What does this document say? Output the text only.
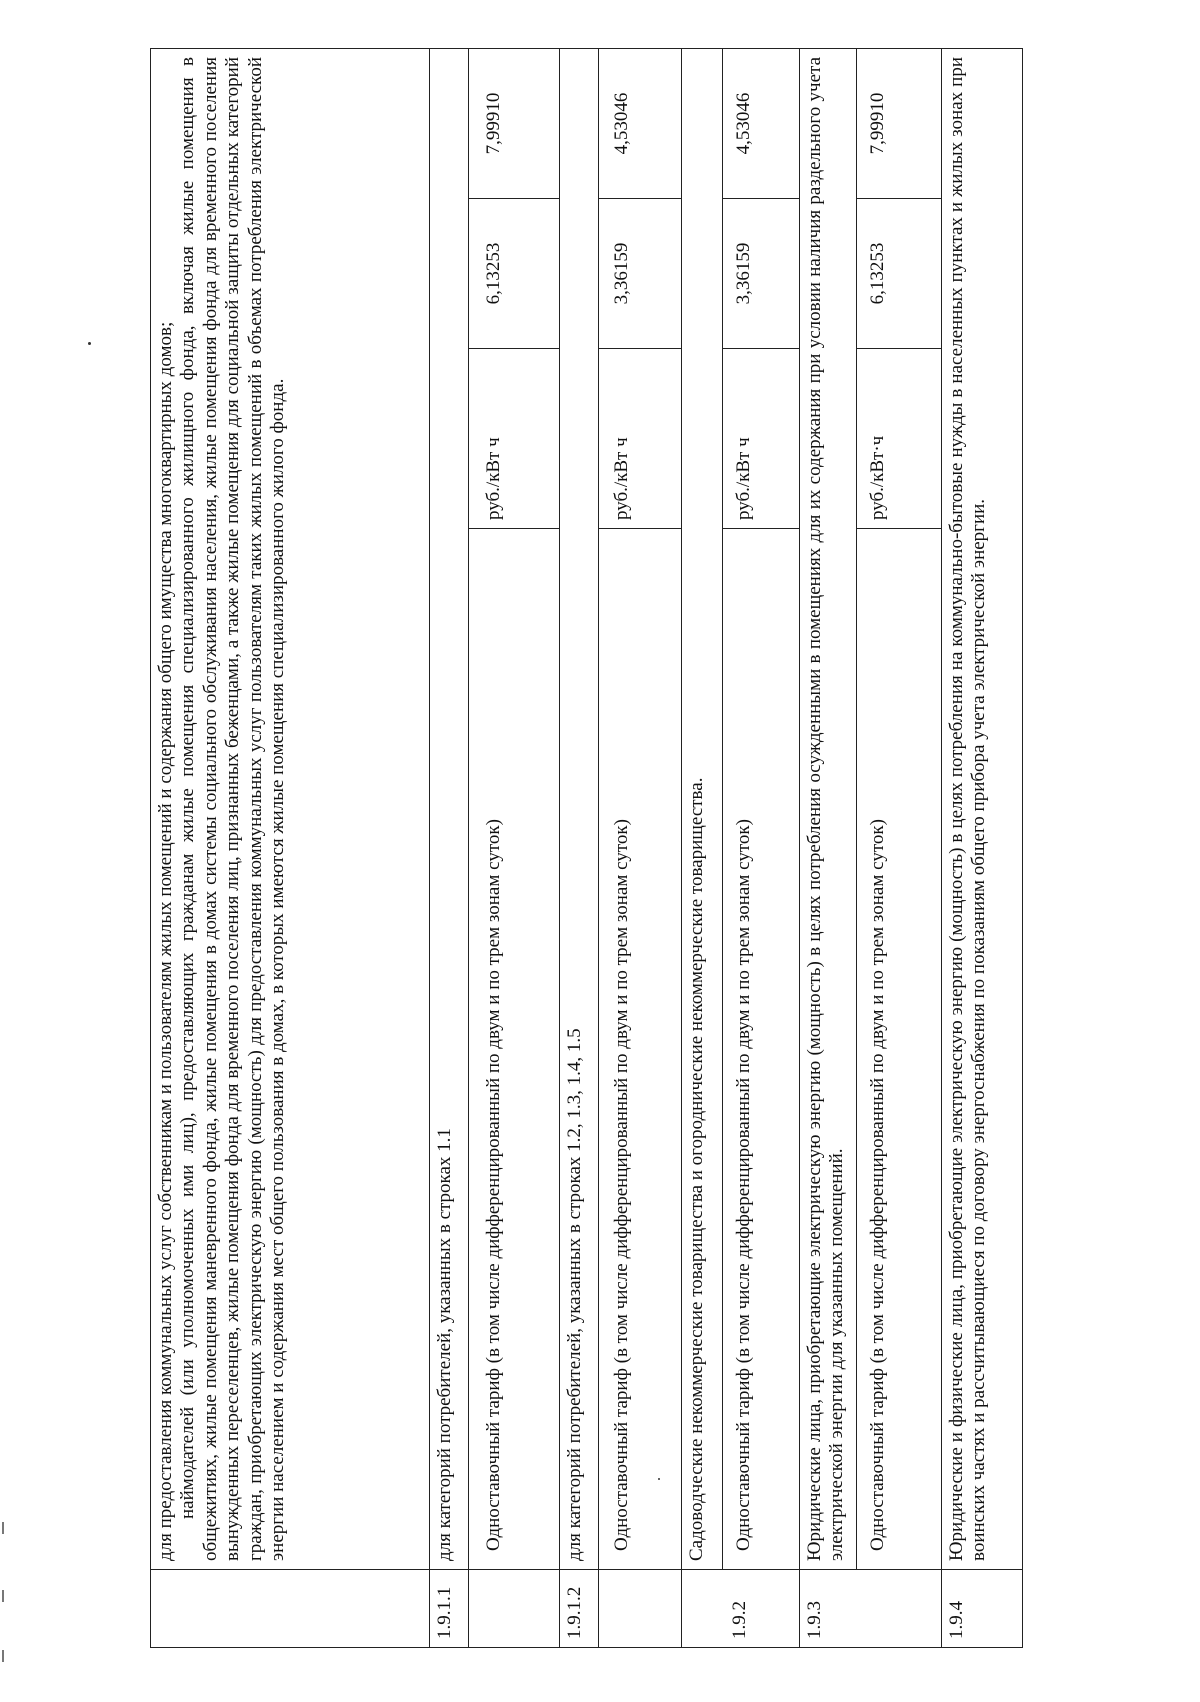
	для предоставления коммунальных услуг собственникам и пользователям жилых помещений и содержания общего имущества многоквартирных домов; наймодателей (или уполномоченных ими лиц), предоставляющих гражданам жилые помещения специализированного жилищного фонда, включая жилые помещения в общежитиях, жилые помещения маневренного фонда, жилые помещения в домах системы социального обслуживания населения, жилые помещения фонда для временного поселения вынужденных переселенцев, жилые помещения фонда для временного поселения лиц, признанных беженцами, а также жилые помещения для социальной защиты отдельных категорий граждан, приобретающих электрическую энергию (мощность) для предоставления коммунальных услуг пользователям таких жилых помещений в объемах потребления электрической энергии населением и содержания мест общего пользования в домах, в которых имеются жилые помещения специализированного жилого фонда.			

1.9.1.1	для категорий потребителей, указанных в строках 1.1			
	Одноставочный тариф (в том числе дифференцированный по двум и по трем зонам суток)	руб./кВт ч	6,13253	7,99910
1.9.1.2	для категорий потребителей, указанных в строках 1.2, 1.3, 1.4, 1.5			
	Одноставочный тариф (в том числе дифференцированный по двум и по трем зонам суток)	руб./кВт ч	3,36159	4,53046
1.9.2	Садоводческие некоммерческие товарищества и огороднические некоммерческие товарищества.			
	Одноставочный тариф (в том числе дифференцированный по двум и по трем зонам суток)	руб./кВт ч	3,36159	4,53046
1.9.3	Юридические лица, приобретающие электрическую энергию (мощность) в целях потребления осужденными в помещениях для их содержания при условии наличия раздельного учета электрической энергии для указанных помещений.			
	Одноставочный тариф (в том числе дифференцированный по двум и по трем зонам суток)	руб./кВт·ч	6,13253	7,99910
1.9.4	Юридические и физические лица, приобретающие электрическую энергию (мощность) в целях потребления на коммунально-бытовые нужды в населенных пунктах и жилых зонах при воинских частях и рассчитывающиеся по договору энергоснабжения по показаниям общего прибора учета электрической энергии.			
